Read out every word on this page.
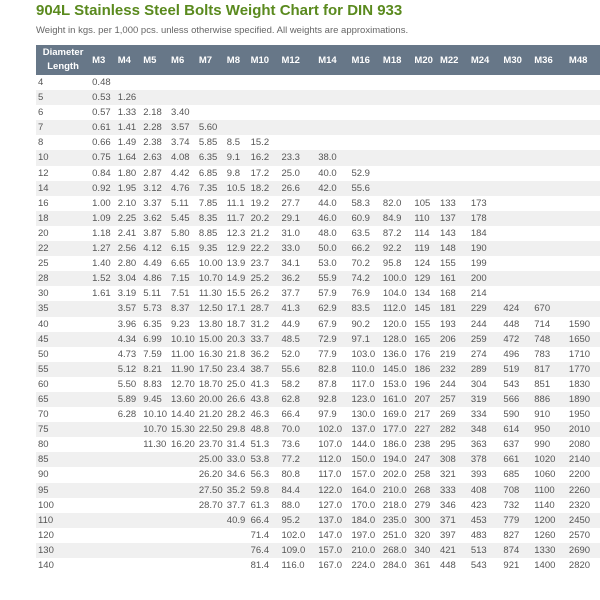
904L Stainless Steel Bolts Weight Chart for DIN 933
Weight in kgs. per 1,000 pcs. unless otherwise specified. All weights are approximations.
Diameter
Length	M3	M4	M5	M6	M7	M8	M10	M12	M14	M16	M18	M20	M22	M24	M30	M36	M48
4	0.48																
5	0.53	1.26															
6	0.57	1.33	2.18	3.40													
7	0.61	1.41	2.28	3.57	5.60												
8	0.66	1.49	2.38	3.74	5.85	8.5	15.2										
10	0.75	1.64	2.63	4.08	6.35	9.1	16.2	23.3	38.0								
12	0.84	1.80	2.87	4.42	6.85	9.8	17.2	25.0	40.0	52.9							
14	0.92	1.95	3.12	4.76	7.35	10.5	18.2	26.6	42.0	55.6							
16	1.00	2.10	3.37	5.11	7.85	11.1	19.2	27.7	44.0	58.3	82.0	105	133	173			
18	1.09	2.25	3.62	5.45	8.35	11.7	20.2	29.1	46.0	60.9	84.9	110	137	178			
20	1.18	2.41	3.87	5.80	8.85	12.3	21.2	31.0	48.0	63.5	87.2	114	143	184			
22	1.27	2.56	4.12	6.15	9.35	12.9	22.2	33.0	50.0	66.2	92.2	119	148	190			
25	1.40	2.80	4.49	6.65	10.00	13.9	23.7	34.1	53.0	70.2	95.8	124	155	199			
28	1.52	3.04	4.86	7.15	10.70	14.9	25.2	36.2	55.9	74.2	100.0	129	161	200			
30	1.61	3.19	5.11	7.51	11.30	15.5	26.2	37.7	57.9	76.9	104.0	134	168	214			
35		3.57	5.73	8.37	12.50	17.1	28.7	41.3	62.9	83.5	112.0	145	181	229	424	670	
40		3.96	6.35	9.23	13.80	18.7	31.2	44.9	67.9	90.2	120.0	155	193	244	448	714	1590
45		4.34	6.99	10.10	15.00	20.3	33.7	48.5	72.9	97.1	128.0	165	206	259	472	748	1650
50		4.73	7.59	11.00	16.30	21.8	36.2	52.0	77.9	103.0	136.0	176	219	274	496	783	1710
55		5.12	8.21	11.90	17.50	23.4	38.7	55.6	82.8	110.0	145.0	186	232	289	519	817	1770
60		5.50	8.83	12.70	18.70	25.0	41.3	58.2	87.8	117.0	153.0	196	244	304	543	851	1830
65		5.89	9.45	13.60	20.00	26.6	43.8	62.8	92.8	123.0	161.0	207	257	319	566	886	1890
70		6.28	10.10	14.40	21.20	28.2	46.3	66.4	97.9	130.0	169.0	217	269	334	590	910	1950
75			10.70	15.30	22.50	29.8	48.8	70.0	102.0	137.0	177.0	227	282	348	614	950	2010
80			11.30	16.20	23.70	31.4	51.3	73.6	107.0	144.0	186.0	238	295	363	637	990	2080
85					25.00	33.0	53.8	77.2	112.0	150.0	194.0	247	308	378	661	1020	2140
90					26.20	34.6	56.3	80.8	117.0	157.0	202.0	258	321	393	685	1060	2200
95					27.50	35.2	59.8	84.4	122.0	164.0	210.0	268	333	408	708	1100	2260
100					28.70	37.7	61.3	88.0	127.0	170.0	218.0	279	346	423	732	1140	2320
110						40.9	66.4	95.2	137.0	184.0	235.0	300	371	453	779	1200	2450
120							71.4	102.0	147.0	197.0	251.0	320	397	483	827	1260	2570
130							76.4	109.0	157.0	210.0	268.0	340	421	513	874	1330	2690
140							81.4	116.0	167.0	224.0	284.0	361	448	543	921	1400	2820
